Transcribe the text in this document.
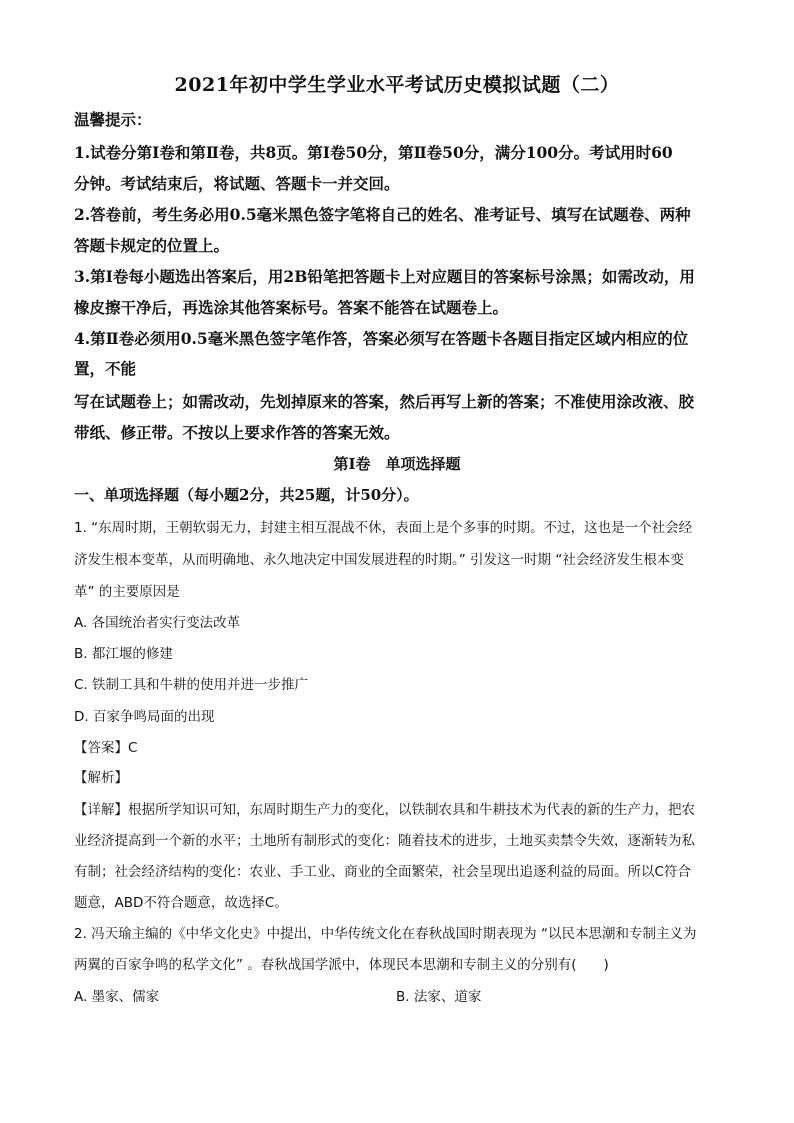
2021年初中学生学业水平考试历史模拟试题（二）
温馨提示：
1.试卷分第Ⅰ卷和第Ⅱ卷，共8页。第Ⅰ卷50分，第Ⅱ卷50分，满分100分。考试用时60
分钟。考试结束后，将试题、答题卡一并交回。
2.答卷前，考生务必用0.5毫米黑色签字笔将自己的姓名、准考证号、填写在试题卷、两种
答题卡规定的位置上。
3.第Ⅰ卷每小题选出答案后，用2B铅笔把答题卡上对应题目的答案标号涂黑；如需改动，用
橡皮擦干净后，再选涂其他答案标号。答案不能答在试题卷上。
4.第Ⅱ卷必须用0.5毫米黑色签字笔作答，答案必须写在答题卡各题目指定区域内相应的位
置，不能
写在试题卷上；如需改动，先划掉原来的答案，然后再写上新的答案；不准使用涂改液、胶
带纸、修正带。不按以上要求作答的答案无效。
第Ⅰ卷　单项选择题
一、单项选择题（每小题2分，共25题，计50分）。
1. “东周时期，王朝软弱无力，封建主相互混战不休，表面上是个多事的时期。不过，这也是一个社会经
济发生根本变革，从而明确地、永久地决定中国发展进程的时期。” 引发这一时期 “社会经济发生根本变
革” 的主要原因是
A. 各国统治者实行变法改革
B. 都江堰的修建
C. 铁制工具和牛耕的使用并进一步推广
D. 百家争鸣局面的出现
【答案】C
【解析】
【详解】根据所学知识可知，东周时期生产力的变化，以铁制农具和牛耕技术为代表的新的生产力，把农
业经济提高到一个新的水平；土地所有制形式的变化：随着技术的进步，土地买卖禁令失效，逐渐转为私
有制；社会经济结构的变化：农业、手工业、商业的全面繁荣，社会呈现出追逐利益的局面。所以C符合
题意，ABD不符合题意，故选择C。
2. 冯天瑜主编的《中华文化史》中提出，中华传统文化在春秋战国时期表现为 “以民本思潮和专制主义为
两翼的百家争鸣的私学文化” 。春秋战国学派中，体现民本思潮和专制主义的分别有(　　)
A. 墨家、儒家	B. 法家、道家
